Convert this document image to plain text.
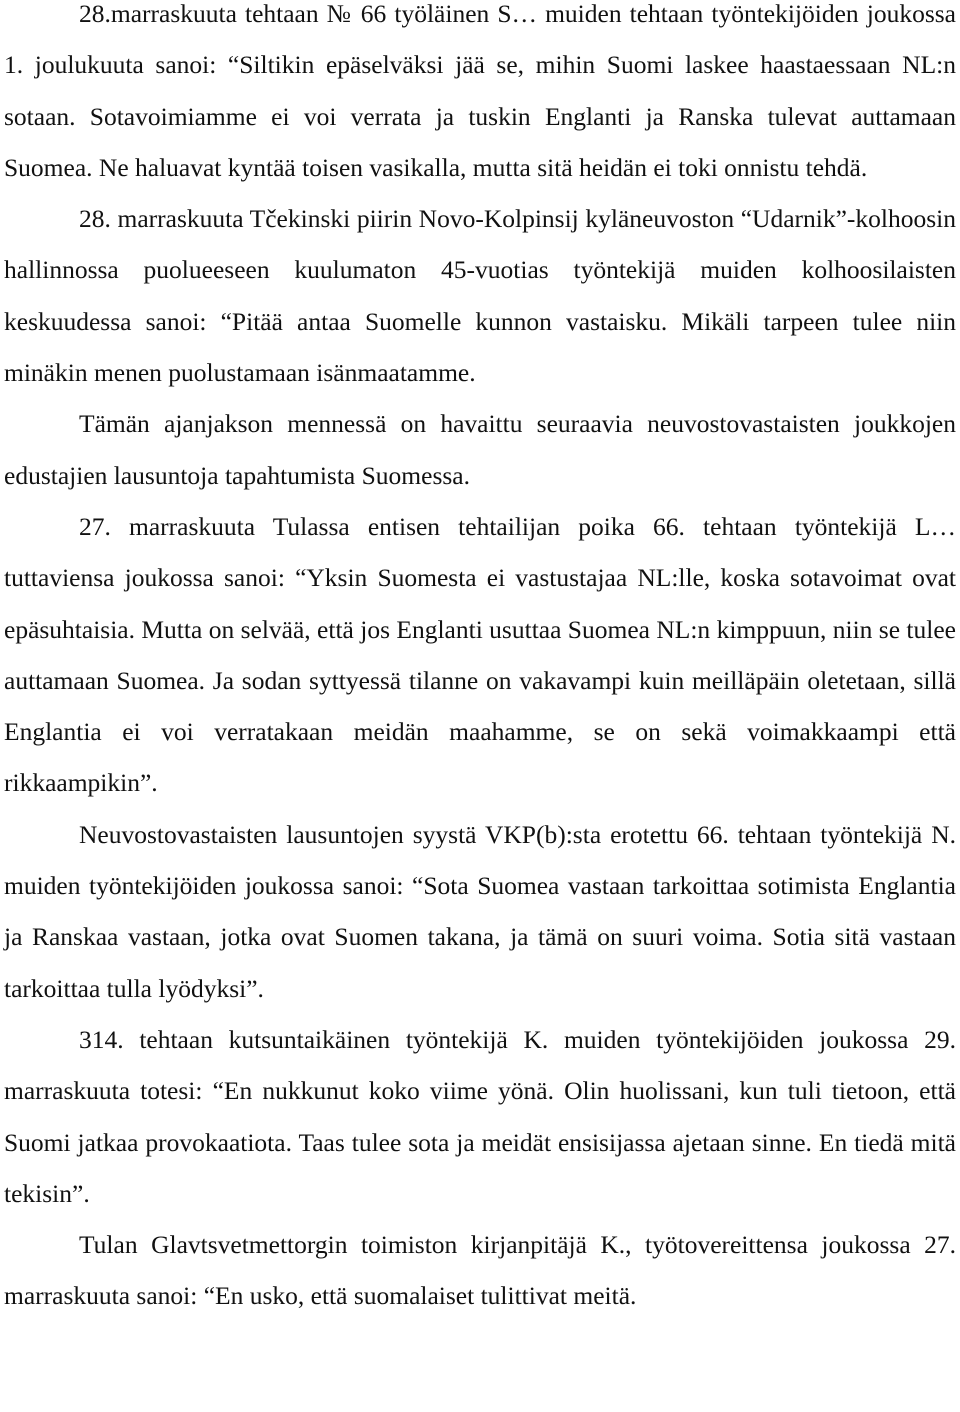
28.marraskuuta tehtaan № 66 työläinen S… muiden tehtaan työntekijöiden joukossa 1. joulukuuta sanoi: “Siltikin epäselväksi jää se, mihin Suomi laskee haastaessaan NL:n sotaan. Sotavoimiamme ei voi verrata ja tuskin Englanti ja Ranska tulevat auttamaan Suomea. Ne haluavat kyntää toisen vasikalla, mutta sitä heidän ei toki onnistu tehdä.

28. marraskuuta Tčekinski piirin Novo-Kolpinsij kyläneuvoston “Udarnik”-kolhoosin hallinnossa puolueeseen kuulumaton 45-vuotias työntekijä muiden kolhoosilaisten keskuudessa sanoi: “Pitää antaa Suomelle kunnon vastaisku. Mikäli tarpeen tulee niin minäkin menen puolustamaan isänmaatamme.

Tämän ajanjakson mennessä on havaittu seuraavia neuvostovastaisten joukkojen edustajien lausuntoja tapahtumista Suomessa.

27. marraskuuta Tulassa entisen tehtailijan poika 66. tehtaan työntekijä L… tuttaviensa joukossa sanoi: “Yksin Suomesta ei vastustajaa NL:lle, koska sotavoimat ovat epäsuhtaisia. Mutta on selvää, että jos Englanti usuttaa Suomea NL:n kimppuun, niin se tulee auttamaan Suomea. Ja sodan syttyessä tilanne on vakavampi kuin meilläpäin oletetaan, sillä Englantia ei voi verratakaan meidän maahamme, se on sekä voimakkaampi että rikkaampikin”.

Neuvostovastaisten lausuntojen syystä VKP(b):sta erotettu 66. tehtaan työntekijä N. muiden työntekijöiden joukossa sanoi: “Sota Suomea vastaan tarkoittaa sotimista Englantia ja Ranskaa vastaan, jotka ovat Suomen takana, ja tämä on suuri voima. Sotia sitä vastaan tarkoittaa tulla lyödyksi”.

314. tehtaan kutsuntaikäinen työntekijä K. muiden työntekijöiden joukossa 29. marraskuuta totesi: “En nukkunut koko viime yönä. Olin huolissani, kun tuli tietoon, että Suomi jatkaa provokaatiota. Taas tulee sota ja meidät ensisijassa ajetaan sinne. En tiedä mitä tekisin”.

Tulan Glavtsvetmettorgin toimiston kirjanpitäjä K., työtovereittensa joukossa 27. marraskuuta sanoi: “En usko, että suomalaiset tulittivat meitä.
